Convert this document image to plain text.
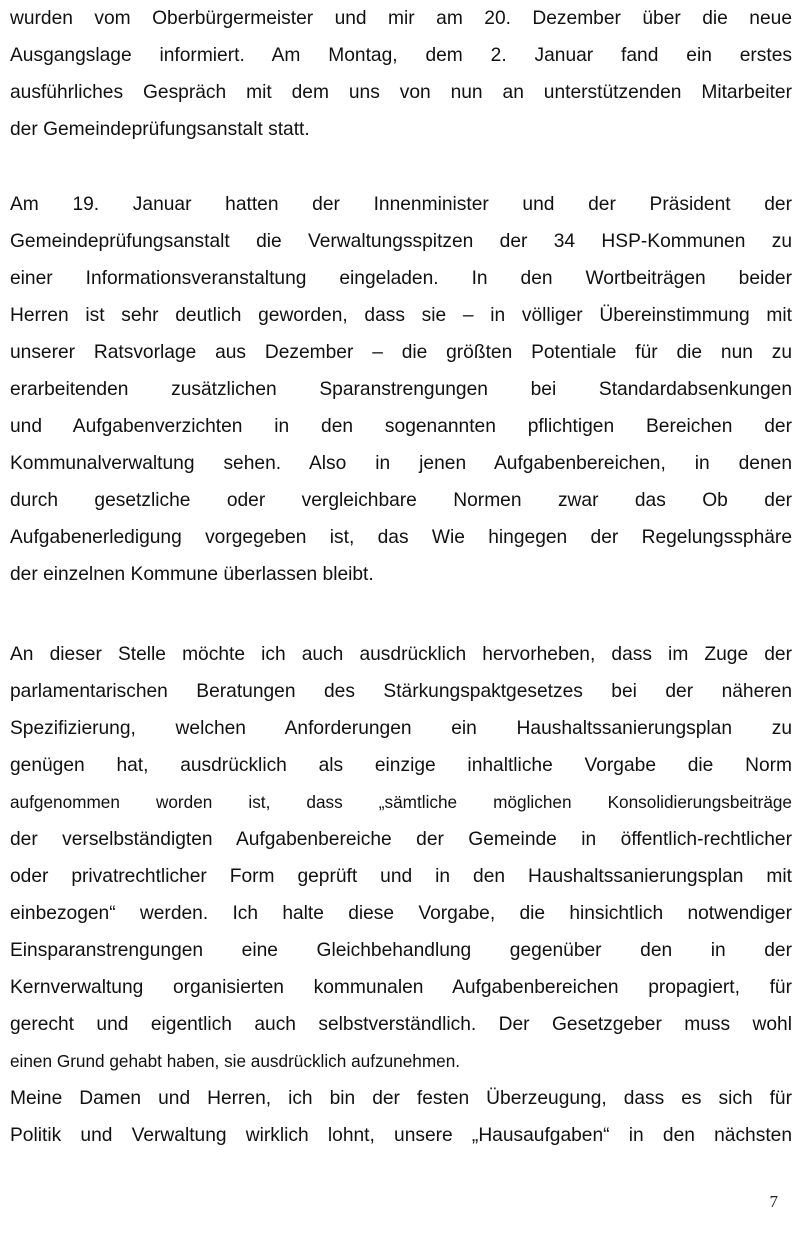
wurden vom Oberbürgermeister und mir am 20. Dezember über die neue
Ausgangslage informiert. Am Montag, dem 2. Januar fand ein erstes
ausführliches Gespräch mit dem uns von nun an unterstützenden Mitarbeiter
der Gemeindeprüfungsanstalt statt.
Am 19. Januar hatten der Innenminister und der Präsident der
Gemeindeprüfungsanstalt die Verwaltungsspitzen der 34 HSP-Kommunen zu
einer Informationsveranstaltung eingeladen. In den Wortbeiträgen beider
Herren ist sehr deutlich geworden, dass sie – in völliger Übereinstimmung mit
unserer Ratsvorlage aus Dezember – die größten Potentiale für die nun zu
erarbeitenden zusätzlichen Sparanstrengungen bei Standardabsenkungen
und Aufgabenverzichten in den sogenannten pflichtigen Bereichen der
Kommunalverwaltung sehen. Also in jenen Aufgabenbereichen, in denen
durch gesetzliche oder vergleichbare Normen zwar das Ob der
Aufgabenerledigung vorgegeben ist, das Wie hingegen der Regelungssphäre
der einzelnen Kommune überlassen bleibt.
An dieser Stelle möchte ich auch ausdrücklich hervorheben, dass im Zuge der
parlamentarischen Beratungen des Stärkungspaktgesetzes bei der näheren
Spezifizierung, welchen Anforderungen ein Haushaltssanierungsplan zu
genügen hat, ausdrücklich als einzige inhaltliche Vorgabe die Norm
aufgenommen worden ist, dass „sämtliche möglichen Konsolidierungsbeiträge
der verselbständigten Aufgabenbereiche der Gemeinde in öffentlich-rechtlicher
oder privatrechtlicher Form geprüft und in den Haushaltssanierungsplan mit
einbezogen“ werden. Ich halte diese Vorgabe, die hinsichtlich notwendiger
Einsparanstrengungen eine Gleichbehandlung gegenüber den in der
Kernverwaltung organisierten kommunalen Aufgabenbereichen propagiert, für
gerecht und eigentlich auch selbstverständlich. Der Gesetzgeber muss wohl
einen Grund gehabt haben, sie ausdrücklich aufzunehmen.
Meine Damen und Herren, ich bin der festen Überzeugung, dass es sich für
Politik und Verwaltung wirklich lohnt, unsere „Hausaufgaben“ in den nächsten
7
